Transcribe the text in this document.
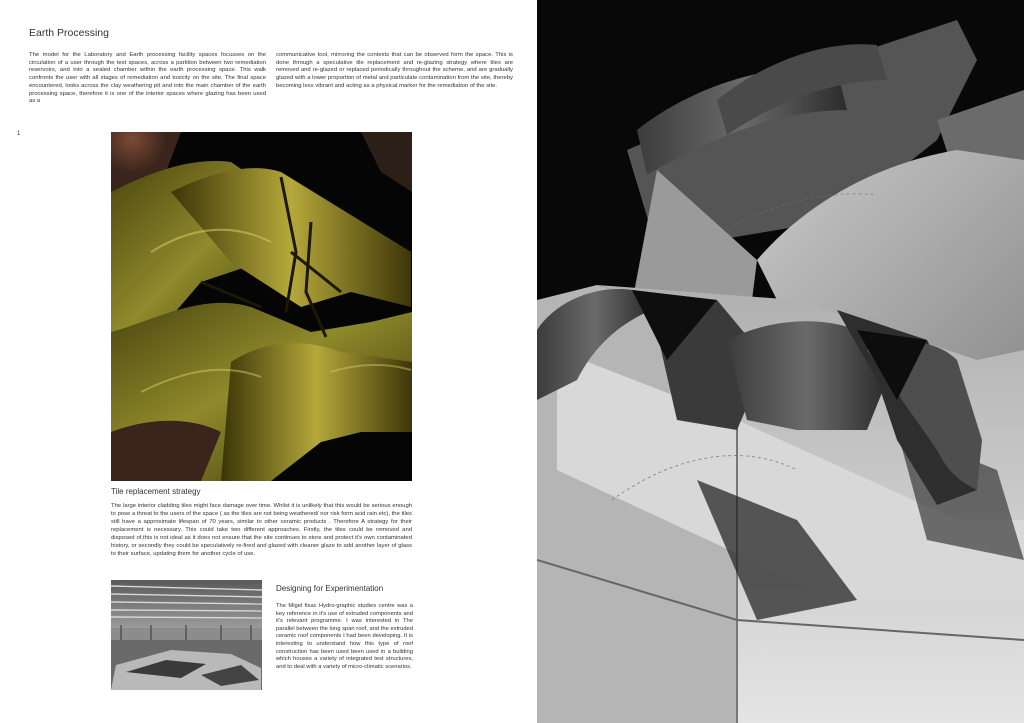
Earth Processing
The model for the Laboratory and Earth processing facility spaces focusses on the circulation of a user through the test spaces, across a partition between two remediation reservoirs, and into a sealed chamber within the earth processing space. This walk confronts the user with all stages of remediation and toxicity on the site. The final space encountered, looks across the clay weathering pit and into the main chamber of the earth processing space, therefore it is one of the interior spaces where glazing has been used as a
communicative tool, mirroring the contexts that can be observed form the space. This is done through a speculative tile replacement and re-glazing strategy where tiles are removed and re-glazed or replaced periodically throughout the scheme, and are gradually glazed with a lower proportion of metal and particulate contamination from the site, thereby becoming less vibrant and acting as a physical marker for the remediation of the site.
1
Tile replacement strategy
The large interior cladding tiles might face damage over time. Whilst it is unlikely that this would be serious enough to pose a threat to the users of the space ( as the tiles are not being weathered/ nor risk form acid rain etc), the tiles still have a approximate lifespan of 70 years, similar to other ceramic products . Therefore A strategy for their replacement is necessary. This could take two different approaches. Firstly, the tiles could be removed and disposed of,this is not ideal as it does not ensure that the site continues to store and protect it's own contaminated history, or secondly they could be speculatively re-fired and glazed with cleaner glaze to add another layer of glass to their surface, updating them for another cycle of use.
Designing for Experimentation
The Migel fisac Hydro-graphic studies centre was a key reference in it's use of extruded components and it's relevant programme. I was interested in The parallel between the long span roof, and the extruded ceramic roof components I had been developing. It is interesting to understand how this type of roof construction has been used been used in a building which houses a variety of integrated test structures, and to deal with a variety of micro-climatic scenarios.
1
53
